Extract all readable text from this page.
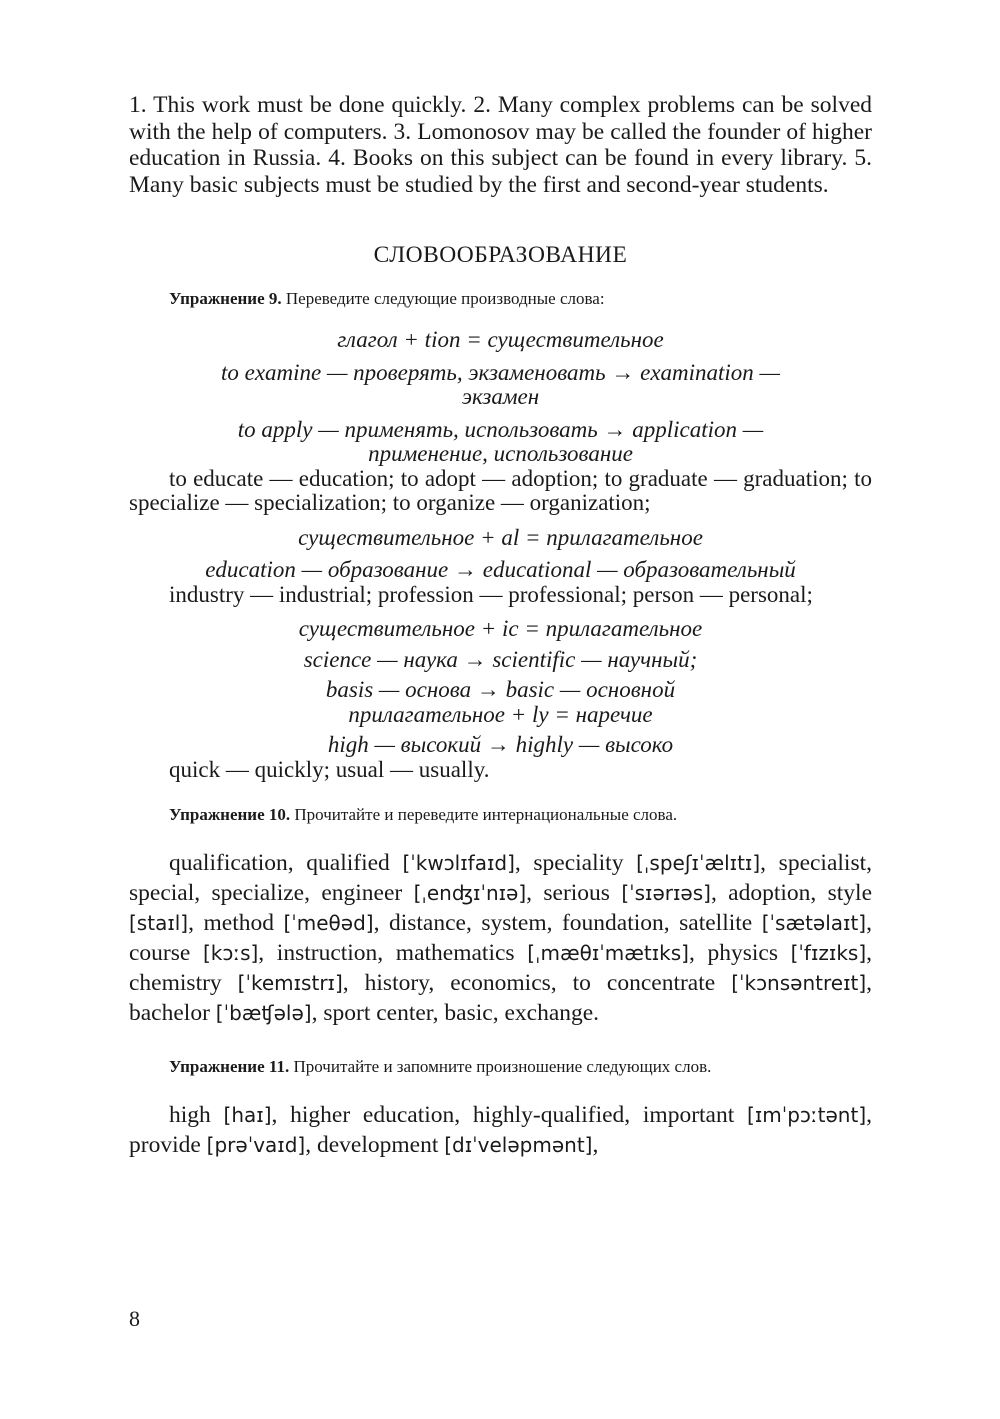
1. This work must be done quickly. 2. Many complex problems can be solved with the help of computers. 3. Lomonosov may be called the founder of higher education in Russia. 4. Books on this subject can be found in every library. 5. Many basic subjects must be studied by the first and second-year students.

СЛОВООБРАЗОВАНИЕ

Упражнение 9. Переведите следующие производные слова:

глагол + tion = существительное

to examine — проверять, экзаменовать → examination —

экзамен

to apply — применять, использовать → application —

применение, использование

to educate — education; to adopt — adoption; to graduate — graduation; to specialize — specialization; to organize — organization;

существительное + al = прилагательное

education — образование → educational — образовательный

industry — industrial; profession — professional; person — personal;

существительное + ic = прилагательное

science — наука → scientific — научный;

basis — основа → basic — основной

прилагательное + ly = наречие

high — высокий → highly — высоко

quick — quickly; usual — usually.

Упражнение 10. Прочитайте и переведите интернациональные слова.

qualification, qualified [ˈkwɔlɪfaɪd], speciality [ˌspeʃɪˈælɪtɪ], specialist, special, specialize, engineer [ˌenʤɪˈnɪə], serious [ˈsɪərɪəs], adoption, style [staɪl], method [ˈmeθəd], distance, system, foundation, satellite [ˈsætəlaɪt], course [kɔːs], instruction, mathematics [ˌmæθɪˈmætɪks], physics [ˈfɪzɪks], chemistry [ˈkemɪstrɪ], history, economics, to concentrate [ˈkɔnsəntreɪt], bachelor [ˈbæʧələ], sport center, basic, exchange.

Упражнение 11. Прочитайте и запомните произношение следующих слов.

high [haɪ], higher education, highly-qualified, important [ɪmˈpɔːtənt], provide [prəˈvaɪd], development [dɪˈveləpmənt],

8
